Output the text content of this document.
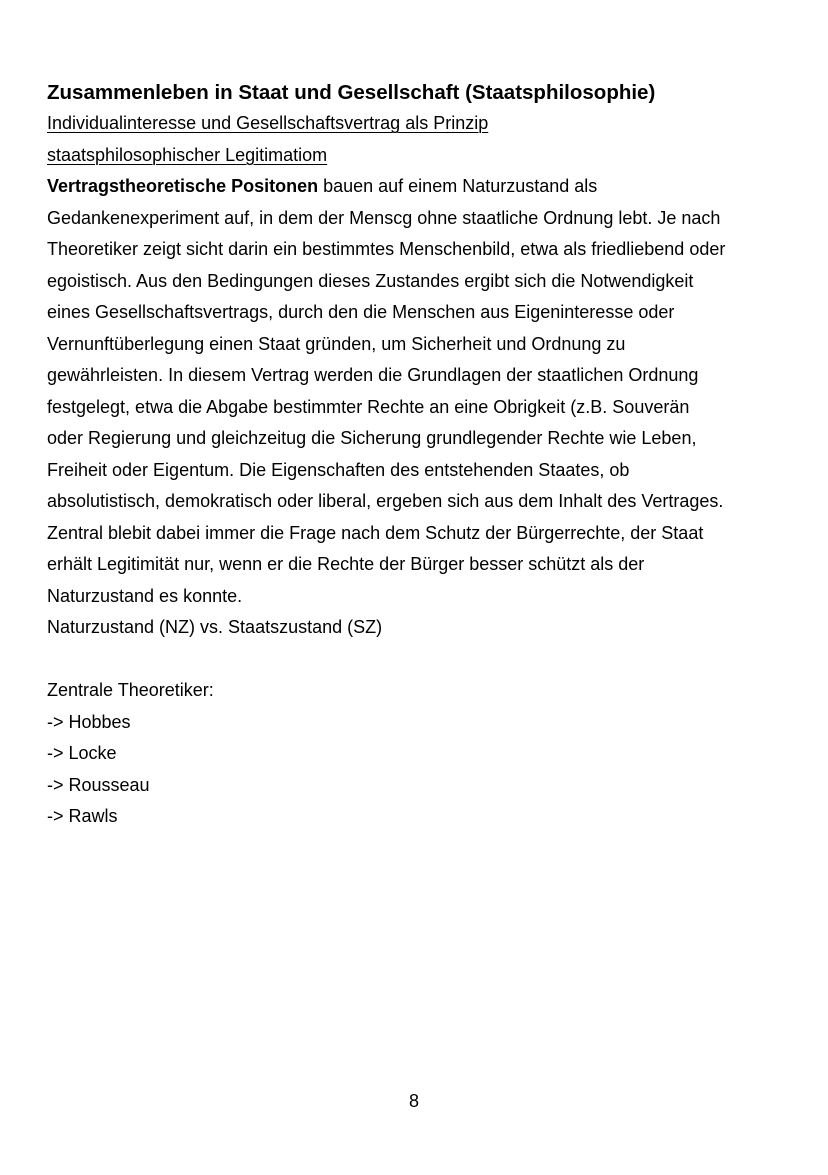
Zusammenleben in Staat und Gesellschaft (Staatsphilosophie)

Individualinteresse und Gesellschaftsvertrag als Prinzip

staatsphilosophischer Legitimatiom

Vertragstheoretische Positonen bauen auf einem Naturzustand als

Gedankenexperiment auf, in dem der Menscg ohne staatliche Ordnung lebt. Je nach

Theoretiker zeigt sicht darin ein bestimmtes Menschenbild, etwa als friedliebend oder

egoistisch. Aus den Bedingungen dieses Zustandes ergibt sich die Notwendigkeit

eines Gesellschaftsvertrags, durch den die Menschen aus Eigeninteresse oder

Vernunftüberlegung einen Staat gründen, um Sicherheit und Ordnung zu

gewährleisten. In diesem Vertrag werden die Grundlagen der staatlichen Ordnung

festgelegt, etwa die Abgabe bestimmter Rechte an eine Obrigkeit (z.B. Souverän

oder Regierung und gleichzeitug die Sicherung grundlegender Rechte wie Leben,

Freiheit oder Eigentum. Die Eigenschaften des entstehenden Staates, ob

absolutistisch, demokratisch oder liberal, ergeben sich aus dem Inhalt des Vertrages.

Zentral blebit dabei immer die Frage nach dem Schutz der Bürgerrechte, der Staat

erhält Legitimität nur, wenn er die Rechte der Bürger besser schützt als der

Naturzustand es konnte.

Naturzustand (NZ) vs. Staatszustand (SZ)

Zentrale Theoretiker:

-> Hobbes

-> Locke

-> Rousseau

-> Rawls

8
